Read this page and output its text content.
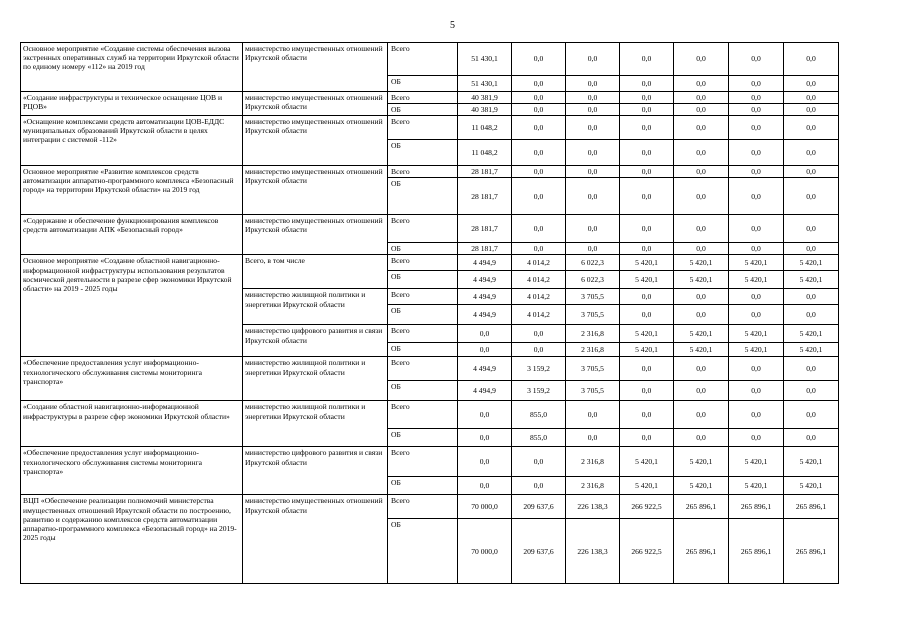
5
Основное мероприятие «Создание системы обеспечения вызова экстренных оперативных служб на территории Иркутской области по единому номеру «112» на 2019 год	министерство имущественных отношений Иркутской области	Всего	51 430,1	0,0	0,0	0,0	0,0	0,0	0,0
		ОБ	51 430,1	0,0	0,0	0,0	0,0	0,0	0,0
«Создание инфраструктуры и техническое оснащение ЦОВ и РЦОВ»	министерство имущественных отношений Иркутской области	Всего	40 381,9	0,0	0,0	0,0	0,0	0,0	0,0
		ОБ	40 381,9	0,0	0,0	0,0	0,0	0,0	0,0
«Оснащение комплексами средств автоматизации ЦОВ-ЕДДС муниципальных образований Иркутской области в целях интеграции с системой -112»	министерство имущественных отношений Иркутской области	Всего	11 048,2	0,0	0,0	0,0	0,0	0,0	0,0
		ОБ	11 048,2	0,0	0,0	0,0	0,0	0,0	0,0
Основное мероприятие «Развитие комплексов средств автоматизации аппаратно-программного комплекса «Безопасный город» на территории Иркутской области» на 2019 год	министерство имущественных отношений Иркутской области	Всего	28 181,7	0,0	0,0	0,0	0,0	0,0	0,0
		ОБ	28 181,7	0,0	0,0	0,0	0,0	0,0	0,0
«Содержание и обеспечение функционирования комплексов средств автоматизации АПК «Безопасный город»	министерство имущественных отношений Иркутской области	Всего	28 181,7	0,0	0,0	0,0	0,0	0,0	0,0
		ОБ	28 181,7	0,0	0,0	0,0	0,0	0,0	0,0
Основное мероприятие «Создание областной навигационно-информационной инфраструктуры использования результатов космической деятельности в разрезе сфер экономики Иркутской области» на 2019 - 2025 годы	Всего, в том числе	Всего	4 494,9	4 014,2	6 022,3	5 420,1	5 420,1	5 420,1	5 420,1
		ОБ	4 494,9	4 014,2	6 022,3	5 420,1	5 420,1	5 420,1	5 420,1
	министерство жилищной политики и энергетики Иркутской области	Всего	4 494,9	4 014,2	3 705,5	0,0	0,0	0,0	0,0
		ОБ	4 494,9	4 014,2	3 705,5	0,0	0,0	0,0	0,0
	министерство цифрового развития и связи Иркутской области	Всего	0,0	0,0	2 316,8	5 420,1	5 420,1	5 420,1	5 420,1
		ОБ	0,0	0,0	2 316,8	5 420,1	5 420,1	5 420,1	5 420,1
«Обеспечение предоставления услуг информационно-технологического обслуживания системы мониторинга транспорта»	министерство жилищной политики и энергетики Иркутской области	Всего	4 494,9	3 159,2	3 705,5	0,0	0,0	0,0	0,0
		ОБ	4 494,9	3 159,2	3 705,5	0,0	0,0	0,0	0,0
«Создание областной навигационно-информационной инфраструктуры в разрезе сфер экономики Иркутской области»	министерство жилищной политики и энергетики Иркутской области	Всего	0,0	855,0	0,0	0,0	0,0	0,0	0,0
		ОБ	0,0	855,0	0,0	0,0	0,0	0,0	0,0
«Обеспечение предоставления услуг информационно-технологического обслуживания системы мониторинга транспорта»	министерство цифрового развития и связи Иркутской области	Всего	0,0	0,0	2 316,8	5 420,1	5 420,1	5 420,1	5 420,1
		ОБ	0,0	0,0	2 316,8	5 420,1	5 420,1	5 420,1	5 420,1
ВЦП «Обеспечение реализации полномочий министерства имущественных отношений Иркутской области по построению, развитию и содержанию комплексов средств автоматизации аппаратно-программного комплекса «Безопасный город» на 2019-2025 годы	министерство имущественных отношений Иркутской области	Всего	70 000,0	209 637,6	226 138,3	266 922,5	265 896,1	265 896,1	265 896,1
		ОБ	70 000,0	209 637,6	226 138,3	266 922,5	265 896,1	265 896,1	265 896,1
